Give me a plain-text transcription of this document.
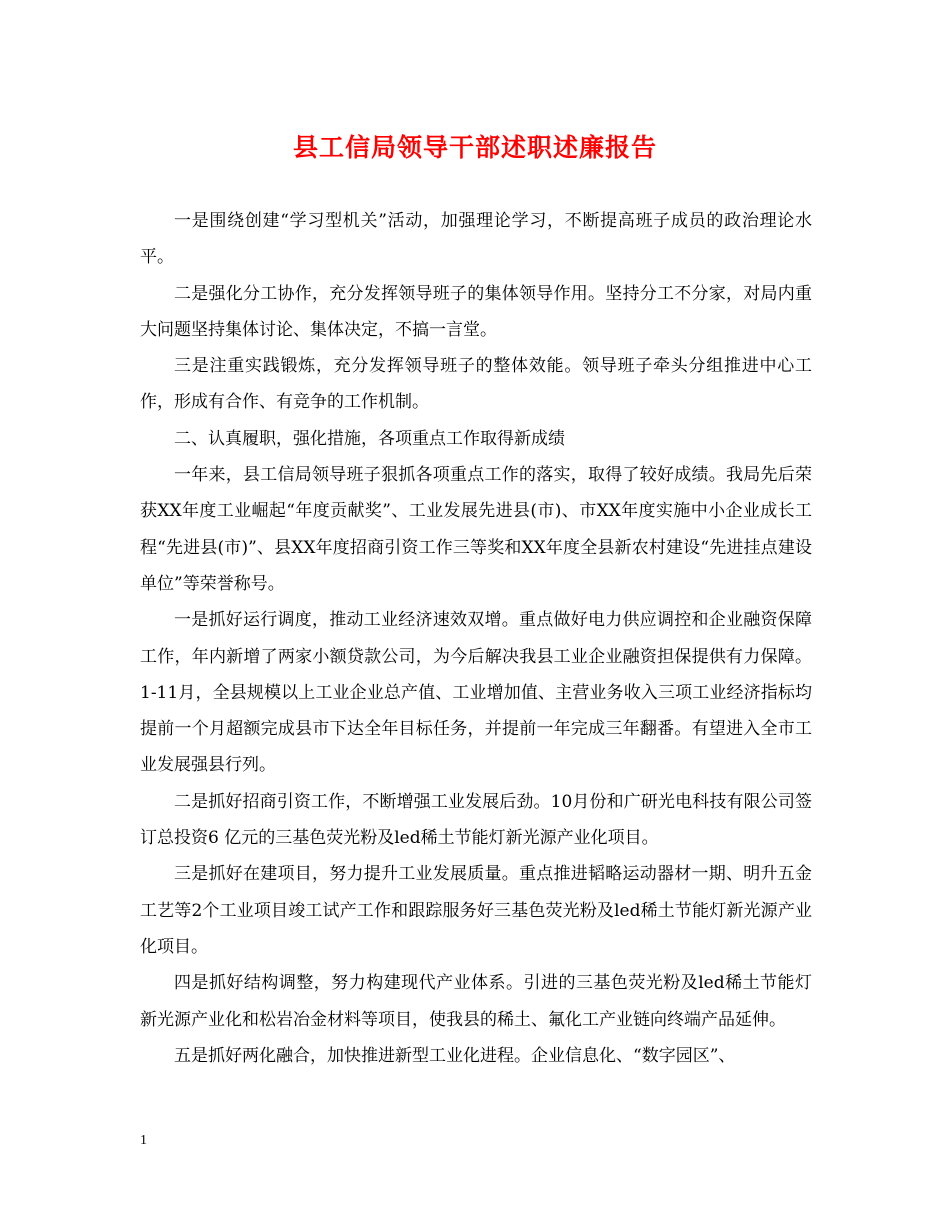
县工信局领导干部述职述廉报告

一是围绕创建“学习型机关”活动，加强理论学习，不断提高班子成员的政治理论水平。

二是强化分工协作，充分发挥领导班子的集体领导作用。坚持分工不分家，对局内重大问题坚持集体讨论、集体决定，不搞一言堂。

三是注重实践锻炼，充分发挥领导班子的整体效能。领导班子牵头分组推进中心工作，形成有合作、有竞争的工作机制。

二、认真履职，强化措施，各项重点工作取得新成绩

一年来，县工信局领导班子狠抓各项重点工作的落实，取得了较好成绩。我局先后荣获XX年度工业崛起“年度贡献奖”、工业发展先进县(市)、市XX年度实施中小企业成长工程“先进县(市)”、县XX年度招商引资工作三等奖和XX年度全县新农村建设“先进挂点建设单位”等荣誉称号。

一是抓好运行调度，推动工业经济速效双增。重点做好电力供应调控和企业融资保障工作，年内新增了两家小额贷款公司，为今后解决我县工业企业融资担保提供有力保障。1-11月，全县规模以上工业企业总产值、工业增加值、主营业务收入三项工业经济指标均提前一个月超额完成县市下达全年目标任务，并提前一年完成三年翻番。有望进入全市工业发展强县行列。

二是抓好招商引资工作，不断增强工业发展后劲。10月份和广研光电科技有限公司签订总投资6 亿元的三基色荧光粉及led稀土节能灯新光源产业化项目。

三是抓好在建项目，努力提升工业发展质量。重点推进韬略运动器材一期、明升五金工艺等2个工业项目竣工试产工作和跟踪服务好三基色荧光粉及led稀土节能灯新光源产业化项目。

四是抓好结构调整，努力构建现代产业体系。引进的三基色荧光粉及led稀土节能灯新光源产业化和松岩冶金材料等项目，使我县的稀土、氟化工产业链向终端产品延伸。

五是抓好两化融合，加快推进新型工业化进程。企业信息化、“数字园区”、

1
